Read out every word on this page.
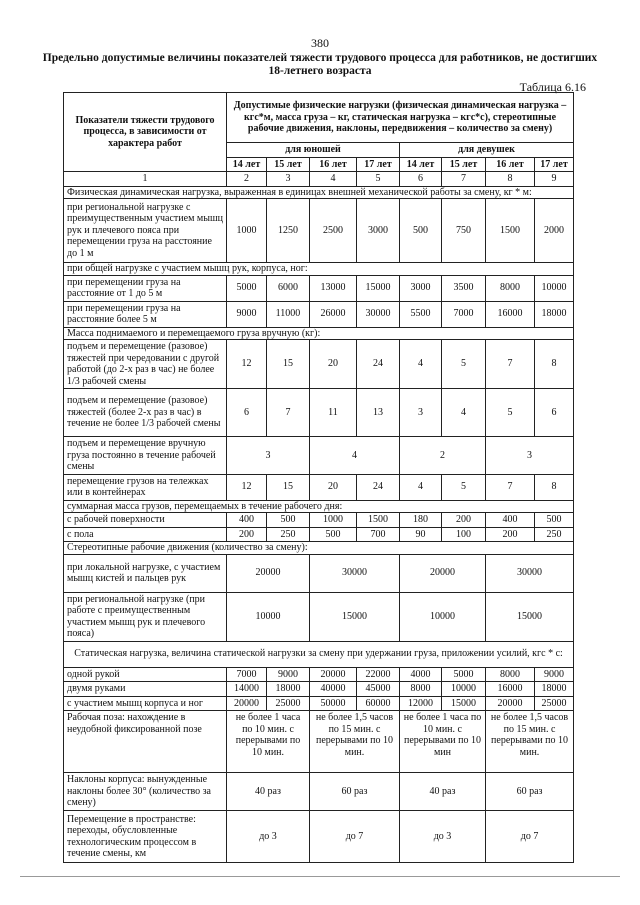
380
Предельно допустимые величины показателей тяжести трудового процесса для работников, не достигших 18-летнего возраста
Таблица 6.16
Показатели тяжести трудового процесса, в зависимости от характера работ	Допустимые физические нагрузки (физическая динамическая нагрузка – кгс*м, масса груза – кг, статическая нагрузка – кгс*с), стереотипные рабочие движения, наклоны, передвижения – количество за смену)							
	для юношей				для девушек			
	14 лет	15 лет	16 лет	17 лет	14 лет	15 лет	16 лет	17 лет
1	2	3	4	5	6	7	8	9
Физическая динамическая нагрузка, выраженная в единицах внешней механической работы за смену, кг * м:								
при региональной нагрузке с преимущественным участием мышц рук и плечевого пояса при перемещении груза на расстояние до 1 м	1000	1250	2500	3000	500	750	1500	2000
при общей нагрузке с участием мышц рук, корпуса, ног:								
при перемещении груза на расстояние от 1 до 5 м	5000	6000	13000	15000	3000	3500	8000	10000
при перемещении груза на расстояние более 5 м	9000	11000	26000	30000	5500	7000	16000	18000
Масса поднимаемого и перемещаемого груза вручную (кг):								
подъем и перемещение (разовое) тяжестей при чередовании с другой работой (до 2-х раз в час) не более 1/3 рабочей смены	12	15	20	24	4	5	7	8
подъем и перемещение (разовое) тяжестей (более 2-х раз в час) в течение не более 1/3 рабочей смены	6	7	11	13	3	4	5	6
подъем и перемещение вручную груза постоянно в течение рабочей смены	3		4		2		3	
перемещение грузов на тележках или в контейнерах	12	15	20	24	4	5	7	8
суммарная масса грузов, перемещаемых в течение рабочего дня:								
с рабочей поверхности	400	500	1000	1500	180	200	400	500
с пола	200	250	500	700	90	100	200	250
Стереотипные рабочие движения (количество за смену):								
при локальной нагрузке, с участием мышц кистей и пальцев рук	20000		30000		20000		30000	
при региональной нагрузке (при работе с преимущественным участием мышц рук и плечевого пояса)	10000		15000		10000		15000	
Статическая нагрузка, величина статической нагрузки за смену при удержании груза, приложении усилий, кгс * с:								
одной рукой	7000	9000	20000	22000	4000	5000	8000	9000
двумя руками	14000	18000	40000	45000	8000	10000	16000	18000
с участием мышц корпуса и ног	20000	25000	50000	60000	12000	15000	20000	25000
Рабочая поза: нахождение в неудобной фиксированной позе	не более 1 часа по 10 мин. с перерывами по 10 мин.		не более 1,5 часов по 15 мин. с перерывами по 10 мин.		не более 1 часа по 10 мин. с перерывами по 10 мин		не более 1,5 часов по 15 мин. с перерывами по 10 мин.	
Наклоны корпуса: вынужденные наклоны более 30° (количество за смену)	40 раз		60 раз		40 раз		60 раз	
Перемещение в пространстве: переходы, обусловленные технологическим процессом в течение смены, км	до 3		до 7		до 3		до 7	
